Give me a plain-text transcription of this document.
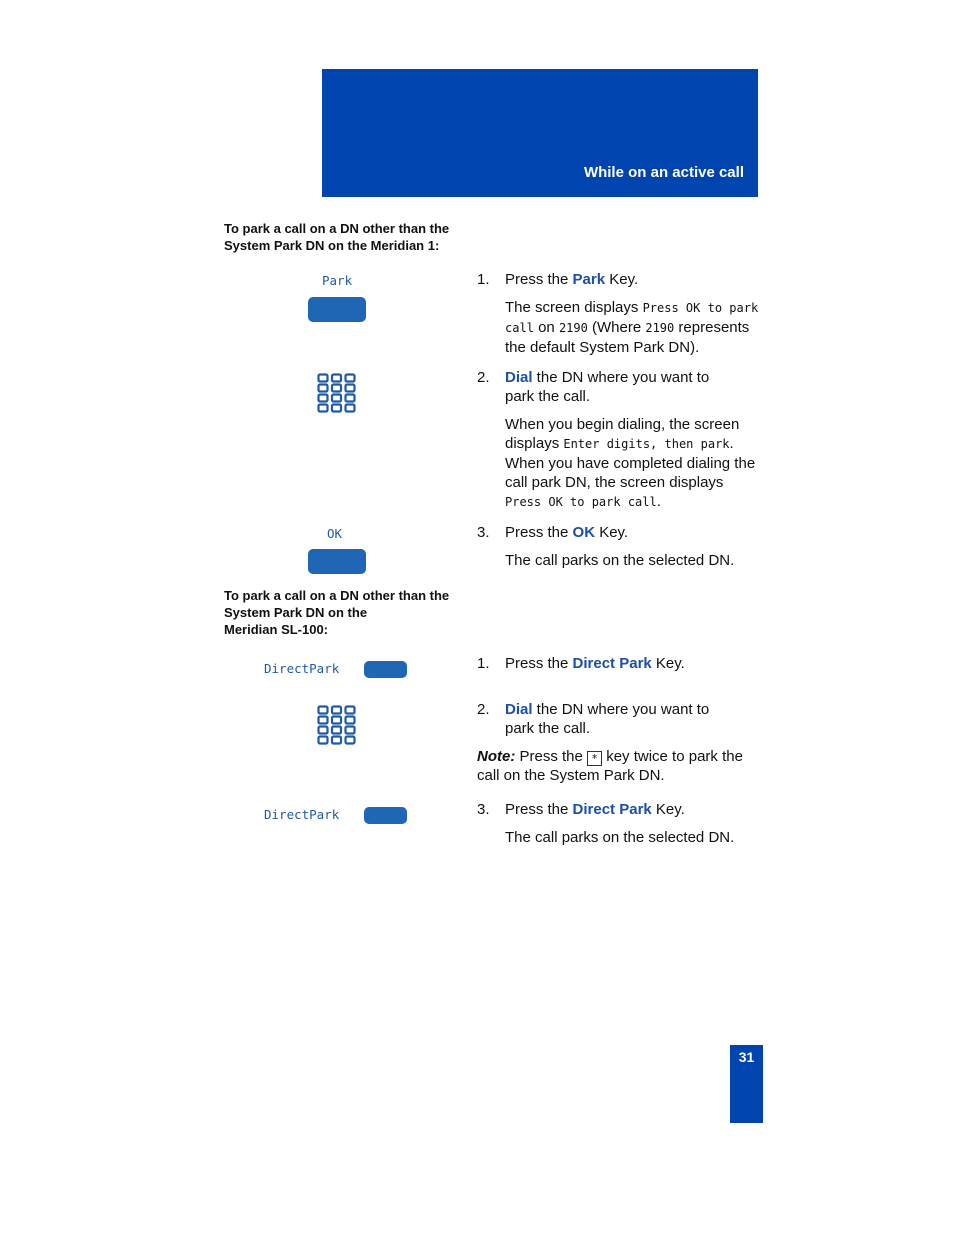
While on an active call
To park a call on a DN other than the
System Park DN on the Meridian 1:
Park	1. Press the Park Key.
The screen displays Press OK to park call on 2190 (Where 2190 represents the default System Park DN).
2. Dial the DN where you want to park the call.
When you begin dialing, the screen displays Enter digits, then park. When you have completed dialing the call park DN, the screen displays Press OK to park call.
OK	3. Press the OK Key.
The call parks on the selected DN.
To park a call on a DN other than the
System Park DN on the
Meridian SL-100:
DirectPark	1. Press the Direct Park Key.
2. Dial the DN where you want to park the call.
Note: Press the * key twice to park the call on the System Park DN.
DirectPark	3. Press the Direct Park Key.
The call parks on the selected DN.
31
